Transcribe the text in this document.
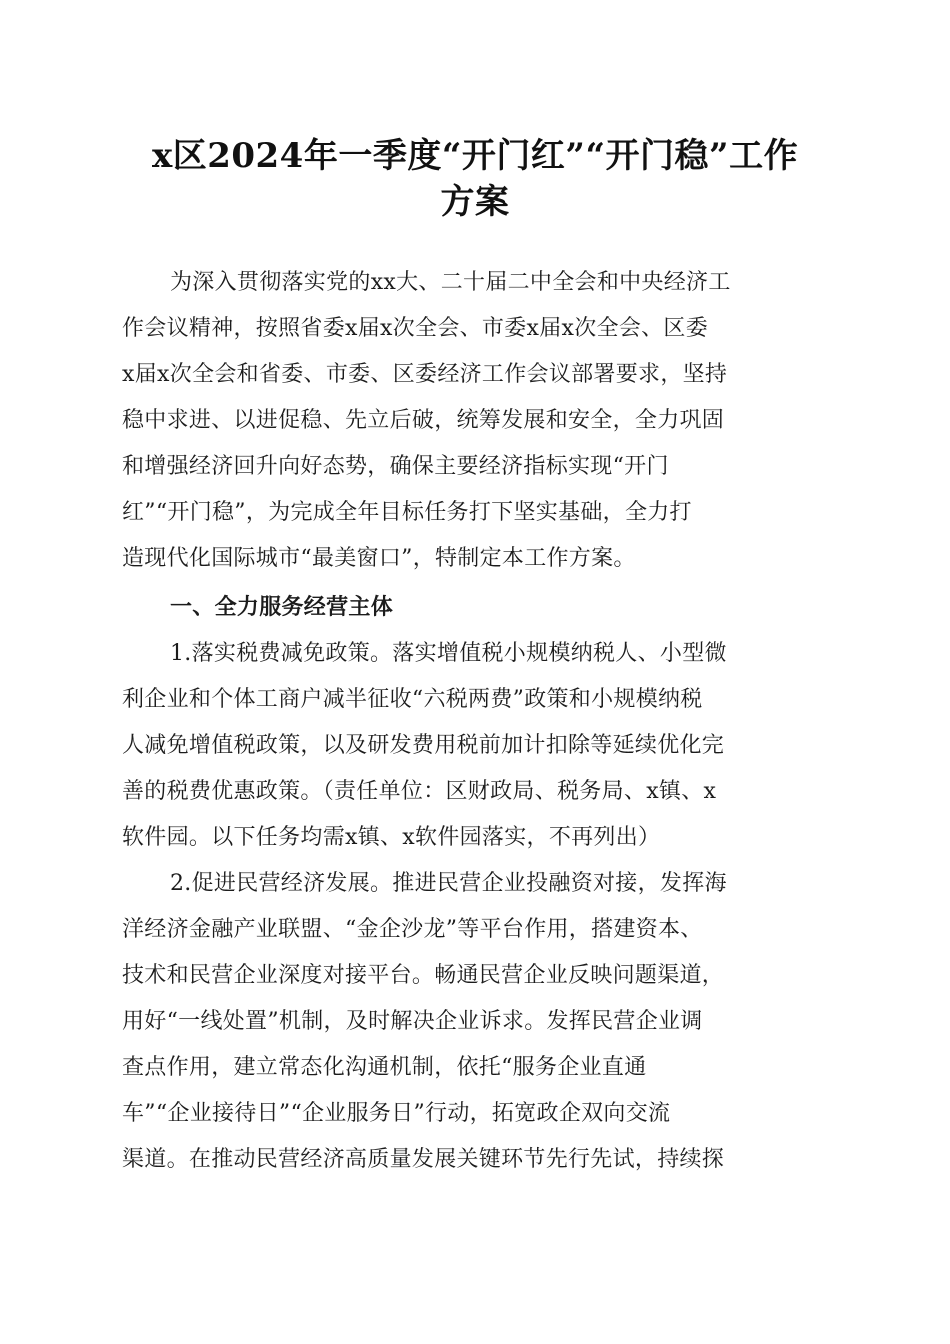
x区2024年一季度“开门红”“开门稳”工作
方案
为深入贯彻落实党的xx大、二十届二中全会和中央经济工
作会议精神，按照省委x届x次全会、市委x届x次全会、区委
x届x次全会和省委、市委、区委经济工作会议部署要求，坚持
稳中求进、以进促稳、先立后破，统筹发展和安全，全力巩固
和增强经济回升向好态势，确保主要经济指标实现“开门
红”“开门稳”，为完成全年目标任务打下坚实基础，全力打
造现代化国际城市“最美窗口”，特制定本工作方案。
一、全力服务经营主体
1.落实税费减免政策。落实增值税小规模纳税人、小型微
利企业和个体工商户减半征收“六税两费”政策和小规模纳税
人减免增值税政策，以及研发费用税前加计扣除等延续优化完
善的税费优惠政策。（责任单位：区财政局、税务局、x镇、x
软件园。以下任务均需x镇、x软件园落实，不再列出）
2.促进民营经济发展。推进民营企业投融资对接，发挥海
洋经济金融产业联盟、“金企沙龙”等平台作用，搭建资本、
技术和民营企业深度对接平台。畅通民营企业反映问题渠道，
用好“一线处置”机制，及时解决企业诉求。发挥民营企业调
查点作用，建立常态化沟通机制，依托“服务企业直通
车”“企业接待日”“企业服务日”行动，拓宽政企双向交流
渠道。在推动民营经济高质量发展关键环节先行先试，持续探
